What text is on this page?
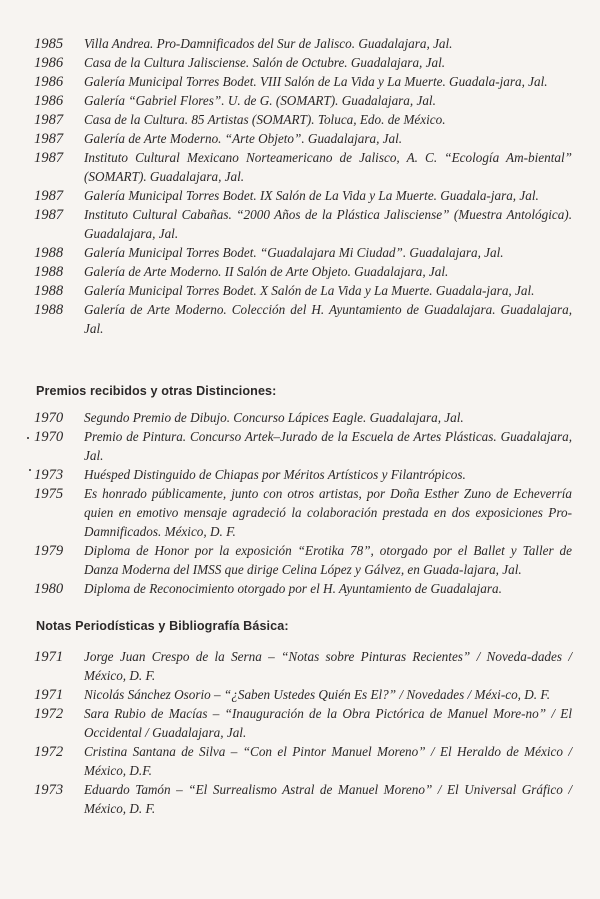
1985 Villa Andrea. Pro-Damnificados del Sur de Jalisco. Guadalajara, Jal.
1986 Casa de la Cultura Jalisciense. Salón de Octubre. Guadalajara, Jal.
1986 Galería Municipal Torres Bodet. VIII Salón de La Vida y La Muerte. Guadala-jara, Jal.
1986 Galería “Gabriel Flores”. U. de G. (SOMART). Guadalajara, Jal.
1987 Casa de la Cultura. 85 Artistas (SOMART). Toluca, Edo. de México.
1987 Galería de Arte Moderno. “Arte Objeto”. Guadalajara, Jal.
1987 Instituto Cultural Mexicano Norteamericano de Jalisco, A. C. “Ecología Am-biental” (SOMART). Guadalajara, Jal.
1987 Galería Municipal Torres Bodet. IX Salón de La Vida y La Muerte. Guadala-jara, Jal.
1987 Instituto Cultural Cabañas. “2000 Años de la Plástica Jalisciense” (Muestra Antológica). Guadalajara, Jal.
1988 Galería Municipal Torres Bodet. “Guadalajara Mi Ciudad”. Guadalajara, Jal.
1988 Galería de Arte Moderno. II Salón de Arte Objeto. Guadalajara, Jal.
1988 Galería Municipal Torres Bodet. X Salón de La Vida y La Muerte. Guadala-jara, Jal.
1988 Galería de Arte Moderno. Colección del H. Ayuntamiento de Guadalajara. Guadalajara, Jal.
Premios recibidos y otras Distinciones:
1970 Segundo Premio de Dibujo. Concurso Lápices Eagle. Guadalajara, Jal.
1970 Premio de Pintura. Concurso Artek–Jurado de la Escuela de Artes Plásticas. Guadalajara, Jal.
1973 Huésped Distinguido de Chiapas por Méritos Artísticos y Filantrópicos.
1975 Es honrado públicamente, junto con otros artistas, por Doña Esther Zuno de Echeverría quien en emotivo mensaje agradeció la colaboración prestada en dos exposiciones Pro-Damnificados. México, D. F.
1979 Diploma de Honor por la exposición “Erotika 78”, otorgado por el Ballet y Taller de Danza Moderna del IMSS que dirige Celina López y Gálvez, en Guada-lajara, Jal.
1980 Diploma de Reconocimiento otorgado por el H. Ayuntamiento de Guadalajara.
Notas Periodísticas y Bibliografía Básica:
1971 Jorge Juan Crespo de la Serna – “Notas sobre Pinturas Recientes” / Noveda-dades / México, D. F.
1971 Nicolás Sánchez Osorio – “¿Saben Ustedes Quién Es El?” / Novedades / Méxi-co, D. F.
1972 Sara Rubio de Macías – “Inauguración de la Obra Pictórica de Manuel More-no” / El Occidental / Guadalajara, Jal.
1972 Cristina Santana de Silva – “Con el Pintor Manuel Moreno” / El Heraldo de México / México, D.F.
1973 Eduardo Tamón – “El Surrealismo Astral de Manuel Moreno” / El Universal Gráfico / México, D. F.
